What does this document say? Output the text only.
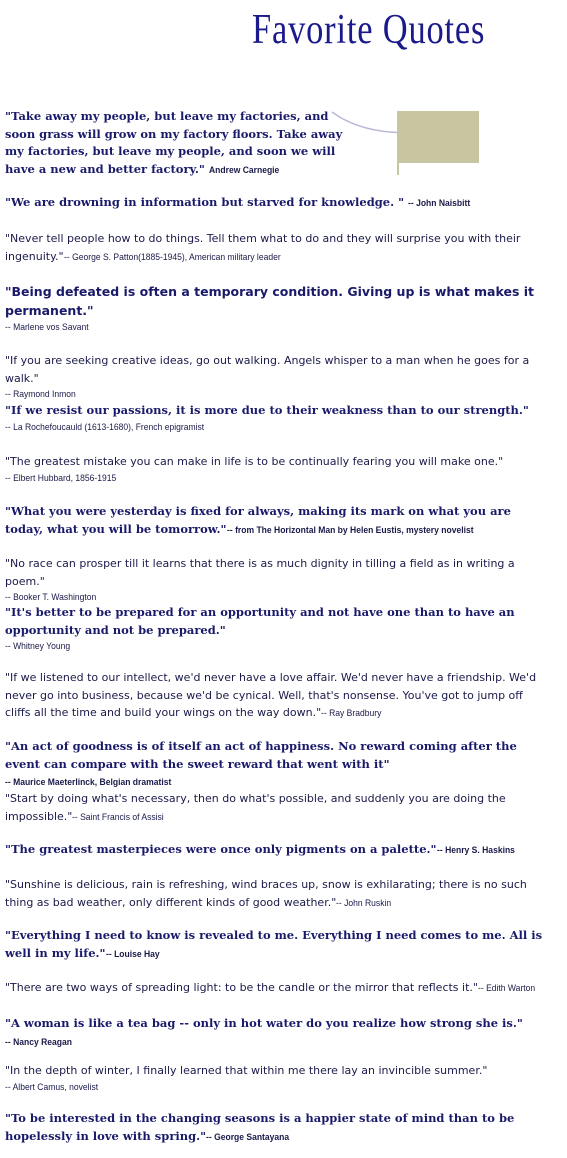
Favorite Quotes
"Take away my people, but leave my factories, and soon grass will grow on my factory floors. Take away my factories, but leave my people, and soon we will have a new and better factory." Andrew Carnegie
"We are drowning in information but starved for knowledge. " -- John Naisbitt
"Never tell people how to do things. Tell them what to do and they will surprise you with their ingenuity."-- George S. Patton(1885-1945), American military leader
"Being defeated is often a temporary condition. Giving up is what makes it permanent."
-- Marlene vos Savant
"If you are seeking creative ideas, go out walking. Angels whisper to a man when he goes for a walk."
-- Raymond Inmon
"If we resist our passions, it is more due to their weakness than to our strength."
-- La Rochefoucauld (1613-1680), French epigramist
"The greatest mistake you can make in life is to be continually fearing you will make one."
-- Elbert Hubbard, 1856-1915
"What you were yesterday is fixed for always, making its mark on what you are today, what you will be tomorrow."-- from The Horizontal Man by Helen Eustis, mystery novelist
"No race can prosper till it learns that there is as much dignity in tilling a field as in writing a poem."
-- Booker T. Washington
"It's better to be prepared for an opportunity and not have one than to have an opportunity and not be prepared."
-- Whitney Young
"If we listened to our intellect, we'd never have a love affair. We'd never have a friendship. We'd never go into business, because we'd be cynical. Well, that's nonsense. You've got to jump off cliffs all the time and build your wings on the way down."-- Ray Bradbury
"An act of goodness is of itself an act of happiness. No reward coming after the event can compare with the sweet reward that went with it"-- Maurice Maeterlinck, Belgian dramatist
"Start by doing what's necessary, then do what's possible, and suddenly you are doing the impossible."-- Saint Francis of Assisi
"The greatest masterpieces were once only pigments on a palette."-- Henry S. Haskins
"Sunshine is delicious, rain is refreshing, wind braces up, snow is exhilarating; there is no such thing as bad weather, only different kinds of good weather."-- John Ruskin
"Everything I need to know is revealed to me. Everything I need comes to me. All is well in my life."-- Louise Hay
"There are two ways of spreading light: to be the candle or the mirror that reflects it."-- Edith Warton
"A woman is like a tea bag -- only in hot water do you realize how strong she is."-- Nancy Reagan
"In the depth of winter, I finally learned that within me there lay an invincible summer."
-- Albert Camus, novelist
"To be interested in the changing seasons is a happier state of mind than to be hopelessly in love with spring."-- George Santayana
